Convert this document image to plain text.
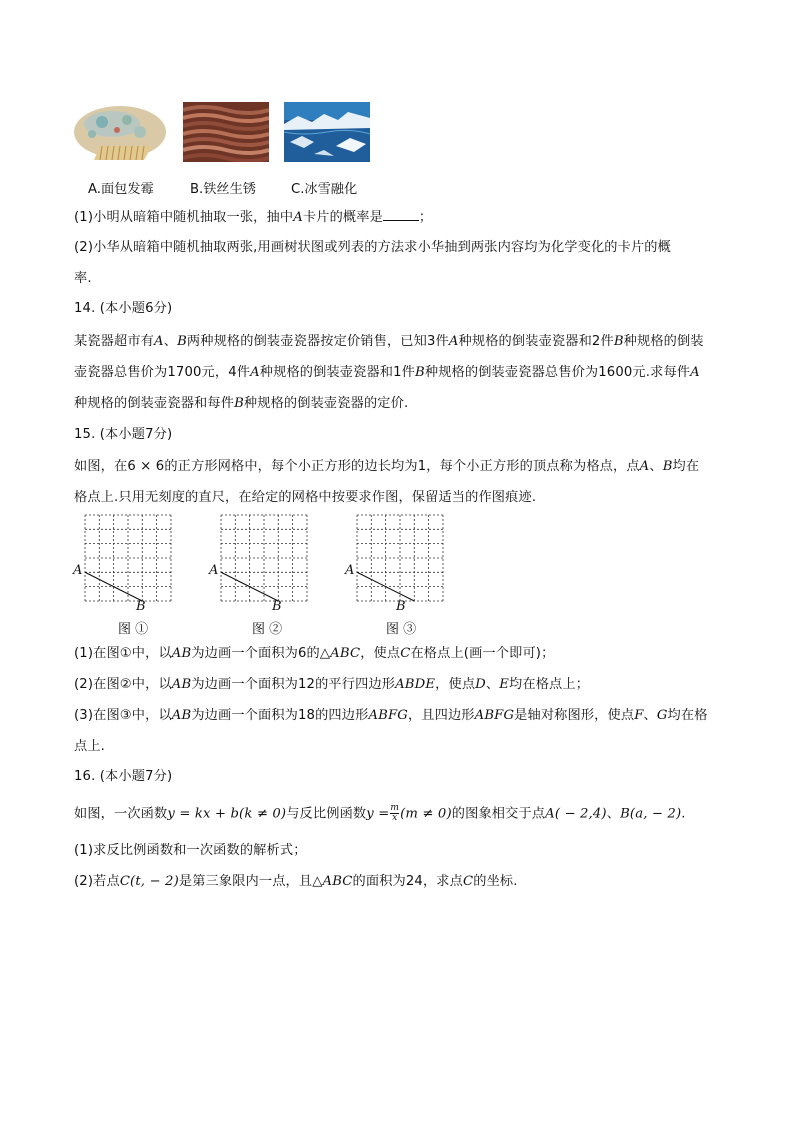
A.面包发霉	B.铁丝生锈	C.冰雪融化
(1)小明从暗箱中随机抽取一张，抽中A卡片的概率是	；
(2)小华从暗箱中随机抽取两张,用画树状图或列表的方法求小华抽到两张内容均为化学变化的卡片的概
率.
14. (本小题6分)
某瓷器超市有A、B两种规格的倒装壶瓷器按定价销售，已知3件A种规格的倒装壶瓷器和2件B种规格的倒装
壶瓷器总售价为1700元，4件A种规格的倒装壶瓷器和1件B种规格的倒装壶瓷器总售价为1600元.求每件A
种规格的倒装壶瓷器和每件B种规格的倒装壶瓷器的定价.
15. (本小题7分)
如图，在6 × 6的正方形网格中，每个小正方形的边长均为1，每个小正方形的顶点称为格点，点A、B均在
格点上.只用无刻度的直尺，在给定的网格中按要求作图，保留适当的作图痕迹.
A
B
图 ①
A
B
图 ②
A
B
图 ③
(1)在图①中，以AB为边画一个面积为6的△ABC，使点C在格点上(画一个即可)；
(2)在图②中，以AB为边画一个面积为12的平行四边形ABDE，使点D、E均在格点上；
(3)在图③中，以AB为边画一个面积为18的四边形ABFG，且四边形ABFG是轴对称图形，使点F、G均在格
点上.
16. (本小题7分)
如图，一次函数y = kx + b(k ≠ 0)与反比例函数$y = \frac{m}{x} (m \ne 0)$的图象相交于点A( − 2,4)、B(a, − 2).
(1)求反比例函数和一次函数的解析式；
(2)若点C(t, − 2)是第三象限内一点，且△ABC的面积为24，求点C的坐标.
